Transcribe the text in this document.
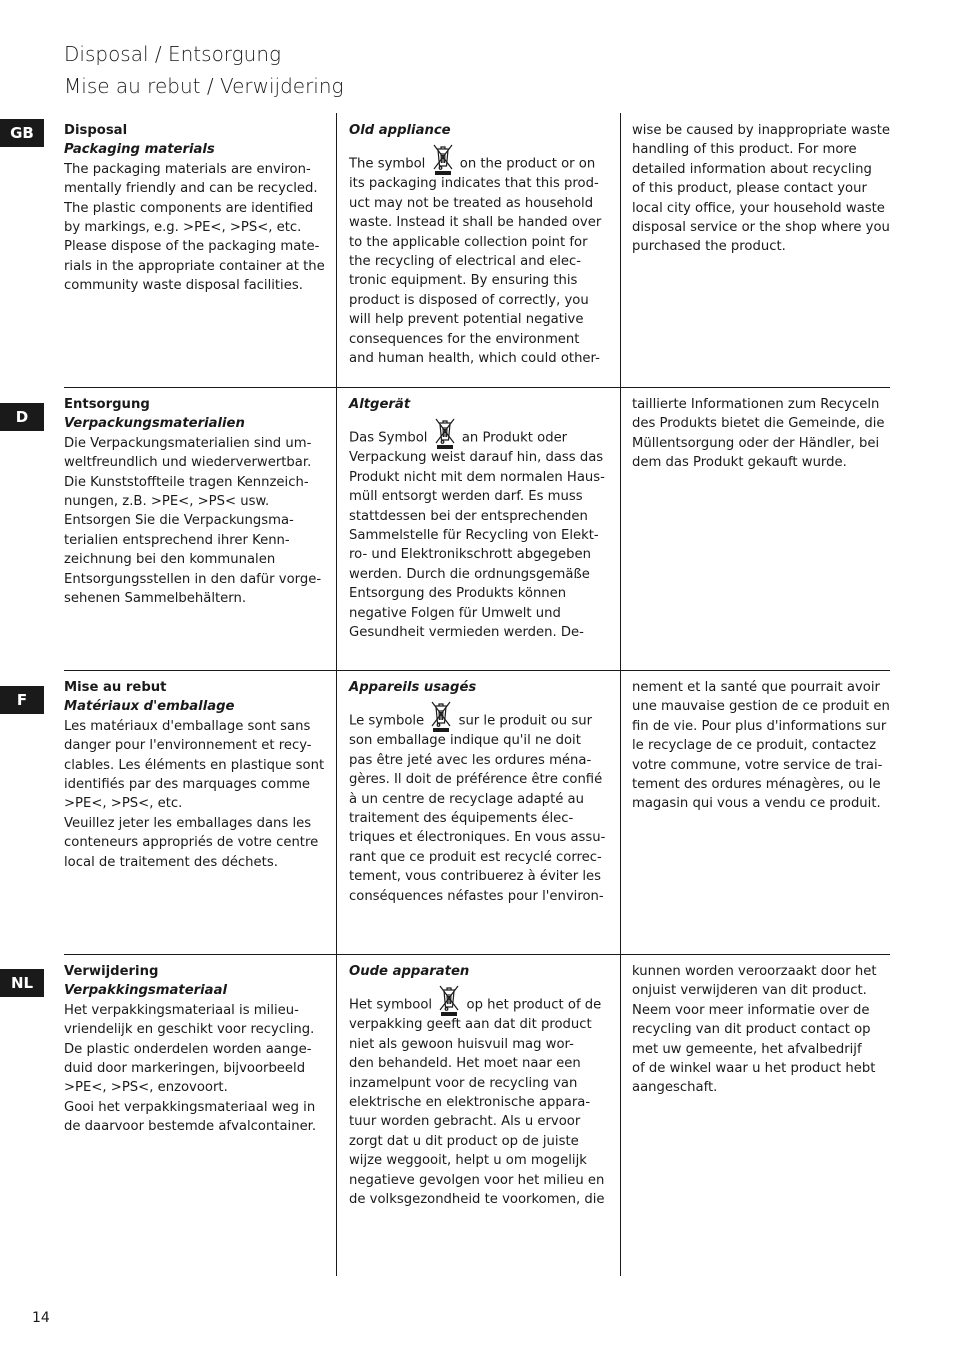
Disposal / Entsorgung
Mise au rebut / Verwijdering
GB	Disposal
Packaging materials
The packaging materials are environ-
mentally friendly and can be recycled.
The plastic components are identified
by markings, e.g. >PE<, >PS<, etc.
Please dispose of the packaging mate-
rials in the appropriate container at the
community waste disposal facilities.
Old appliance
The symbol	on the product or on
its packaging indicates that this prod-
uct may not be treated as household
waste. Instead it shall be handed over
to the applicable collection point for
the recycling of electrical and elec-
tronic equipment. By ensuring this
product is disposed of correctly, you
will help prevent potential negative
consequences for the environment
and human health, which could other-
wise be caused by inappropriate waste
handling of this product. For more
detailed information about recycling
of this product, please contact your
local city office, your household waste
disposal service or the shop where you
purchased the product.
D
Entsorgung
Verpackungsmaterialien
Die Verpackungsmaterialien sind um-
weltfreundlich und wiederverwertbar.
Die Kunststoffteile tragen Kennzeich-
nungen, z.B. >PE<, >PS< usw.
Entsorgen Sie die Verpackungsma-
terialien entsprechend ihrer Kenn-
zeichnung bei den kommunalen
Entsorgungsstellen in den dafür vorge-
sehenen Sammelbehältern.
Altgerät
Das Symbol	an Produkt oder
Verpackung weist darauf hin, dass das
Produkt nicht mit dem normalen Haus-
müll entsorgt werden darf. Es muss
stattdessen bei der entsprechenden
Sammelstelle für Recycling von Elekt-
ro- und Elektronikschrott abgegeben
werden. Durch die ordnungsgemäße
Entsorgung des Produkts können
negative Folgen für Umwelt und
Gesundheit vermieden werden. De-
taillierte Informationen zum Recyceln
des Produkts bietet die Gemeinde, die
Müllentsorgung oder der Händler, bei
dem das Produkt gekauft wurde.
F
Mise au rebut
Matériaux d'emballage
Les matériaux d'emballage sont sans
danger pour l'environnement et recy-
clables. Les éléments en plastique sont
identifiés par des marquages comme
>PE<, >PS<, etc.
Veuillez jeter les emballages dans les
conteneurs appropriés de votre centre
local de traitement des déchets.
Appareils usagés
Le symbole	sur le produit ou sur
son emballage indique qu'il ne doit
pas être jeté avec les ordures ména-
gères. Il doit de préférence être confié
à un centre de recyclage adapté au
traitement des équipements élec-
triques et électroniques. En vous assu-
rant que ce produit est recyclé correc-
tement, vous contribuerez à éviter les
conséquences néfastes pour l'environ-
nement et la santé que pourrait avoir
une mauvaise gestion de ce produit en
fin de vie. Pour plus d'informations sur
le recyclage de ce produit, contactez
votre commune, votre service de trai-
tement des ordures ménagères, ou le
magasin qui vous a vendu ce produit.
NL
Verwijdering
Verpakkingsmateriaal
Het verpakkingsmateriaal is milieu-
vriendelijk en geschikt voor recycling.
De plastic onderdelen worden aange-
duid door markeringen, bijvoorbeeld
>PE<, >PS<, enzovoort.
Gooi het verpakkingsmateriaal weg in
de daarvoor bestemde afvalcontainer.
Oude apparaten
Het symbool	op het product of de
verpakking geeft aan dat dit product
niet als gewoon huisvuil mag wor-
den behandeld. Het moet naar een
inzamelpunt voor de recycling van
elektrische en elektronische appara-
tuur worden gebracht. Als u ervoor
zorgt dat u dit product op de juiste
wijze weggooit, helpt u om mogelijk
negatieve gevolgen voor het milieu en
de volksgezondheid te voorkomen, die
kunnen worden veroorzaakt door het
onjuist verwijderen van dit product.
Neem voor meer informatie over de
recycling van dit product contact op
met uw gemeente, het afvalbedrijf
of de winkel waar u het product hebt
aangeschaft.
14
